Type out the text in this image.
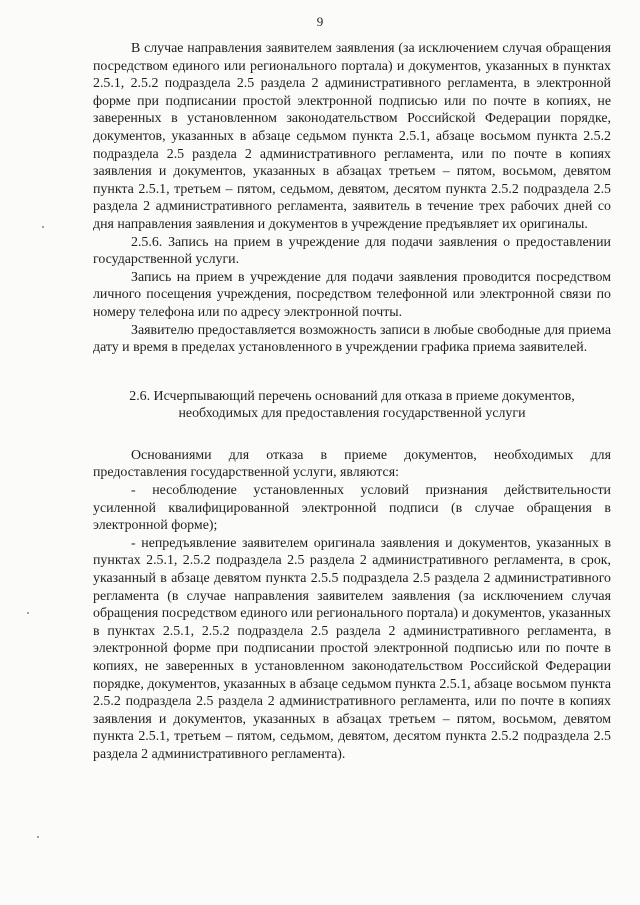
9

В случае направления заявителем заявления (за исключением случая обращения посредством единого или регионального портала) и документов, указанных в пунктах 2.5.1, 2.5.2 подраздела 2.5 раздела 2 административного регламента, в электронной форме при подписании простой электронной подписью или по почте в копиях, не заверенных в установленном законодательством Российской Федерации порядке, документов, указанных в абзаце седьмом пункта 2.5.1, абзаце восьмом пункта 2.5.2 подраздела 2.5 раздела 2 административного регламента, или по почте в копиях заявления и документов, указанных в абзацах третьем – пятом, восьмом, девятом пункта 2.5.1, третьем – пятом, седьмом, девятом, десятом пункта 2.5.2 подраздела 2.5 раздела 2 административного регламента, заявитель в течение трех рабочих дней со дня направления заявления и документов в учреждение предъявляет их оригиналы.

2.5.6. Запись на прием в учреждение для подачи заявления о предоставлении государственной услуги.

Запись на прием в учреждение для подачи заявления проводится посредством личного посещения учреждения, посредством телефонной или электронной связи по номеру телефона или по адресу электронной почты.

Заявителю предоставляется возможность записи в любые свободные для приема дату и время в пределах установленного в учреждении графика приема заявителей.

2.6. Исчерпывающий перечень оснований для отказа в приеме документов,
необходимых для предоставления государственной услуги

Основаниями для отказа в приеме документов, необходимых для предоставления государственной услуги, являются:

- несоблюдение установленных условий признания действительности усиленной квалифицированной электронной подписи (в случае обращения в электронной форме);

- непредъявление заявителем оригинала заявления и документов, указанных в пунктах 2.5.1, 2.5.2 подраздела 2.5 раздела 2 административного регламента, в срок, указанный в абзаце девятом пункта 2.5.5 подраздела 2.5 раздела 2 административного регламента (в случае направления заявителем заявления (за исключением случая обращения посредством единого или регионального портала) и документов, указанных в пунктах 2.5.1, 2.5.2 подраздела 2.5 раздела 2 административного регламента, в электронной форме при подписании простой электронной подписью или по почте в копиях, не заверенных в установленном законодательством Российской Федерации порядке, документов, указанных в абзаце седьмом пункта 2.5.1, абзаце восьмом пункта 2.5.2 подраздела 2.5 раздела 2 административного регламента, или по почте в копиях заявления и документов, указанных в абзацах третьем – пятом, восьмом, девятом пункта 2.5.1, третьем – пятом, седьмом, девятом, десятом пункта 2.5.2 подраздела 2.5 раздела 2 административного регламента).
